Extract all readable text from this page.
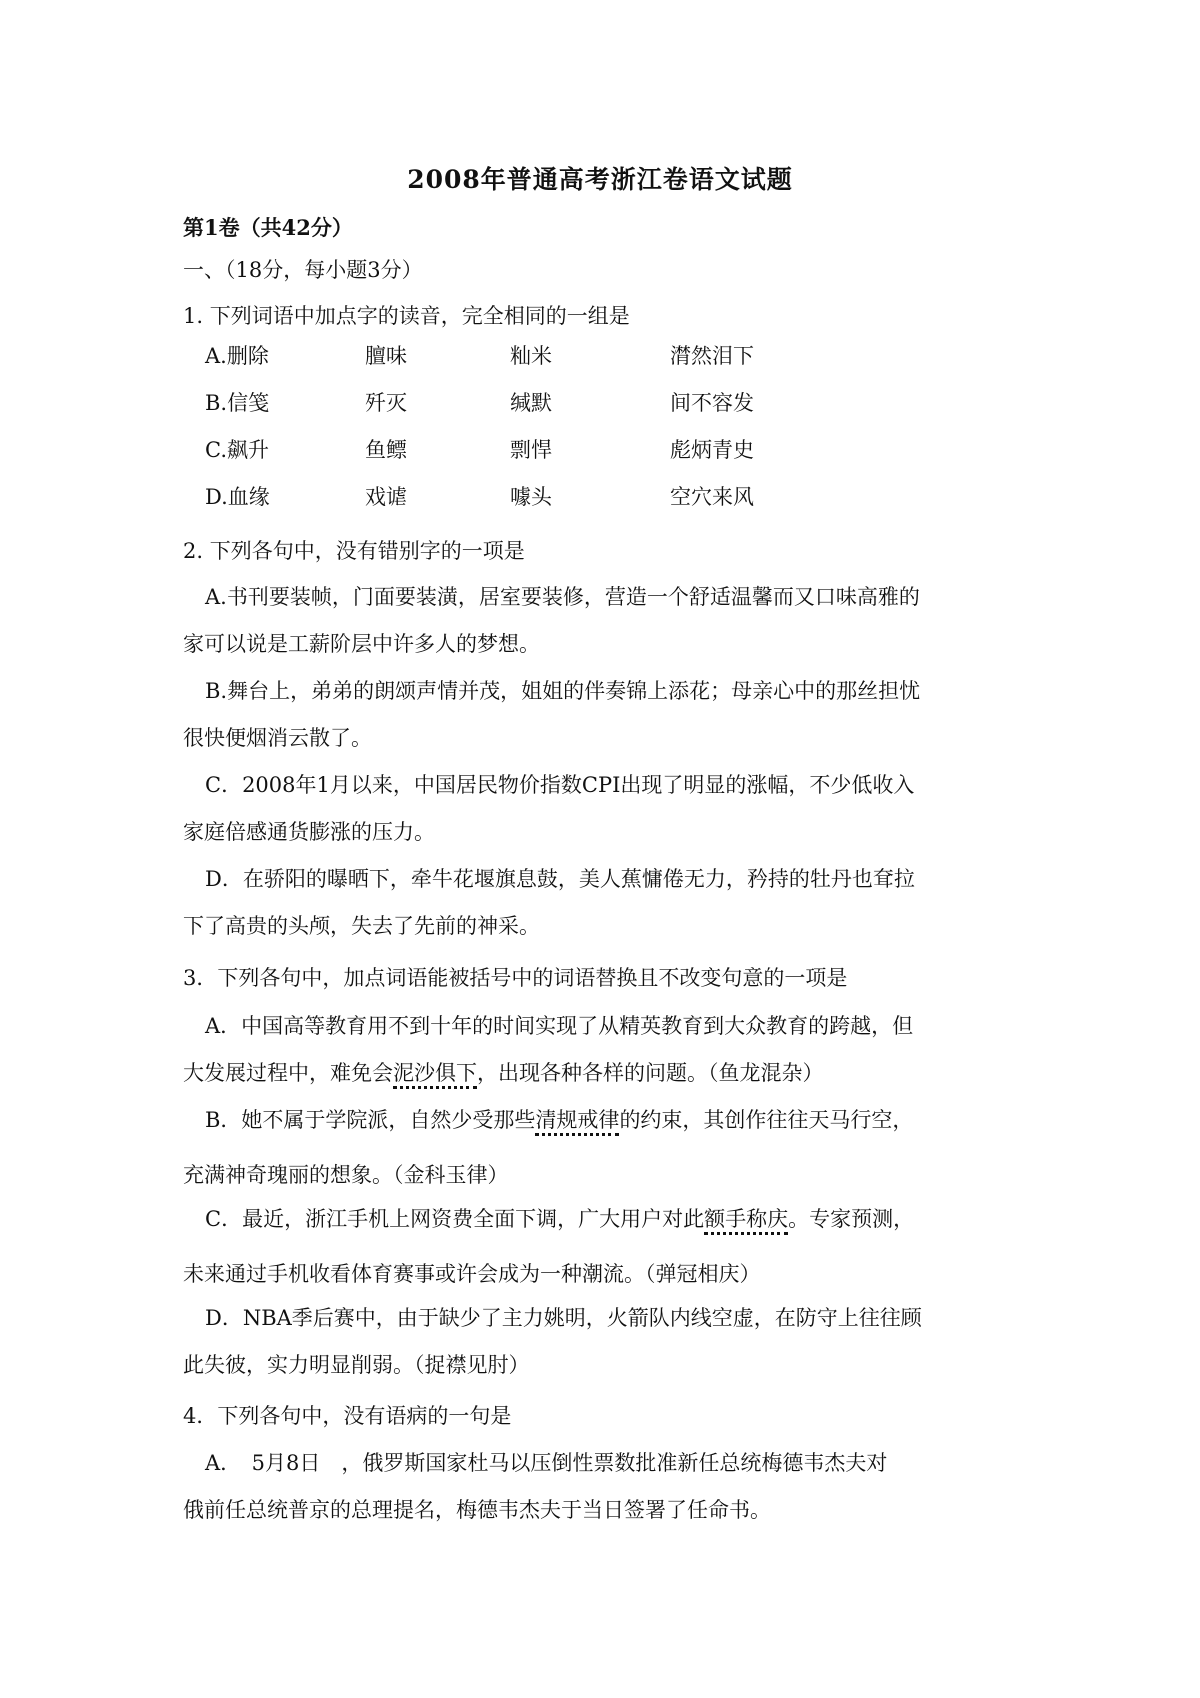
2008年普通高考浙江卷语文试题
第1卷（共42分）
一、（18分，每小题3分）
1. 下列词语中加点字的读音，完全相同的一组是
A.删除	膻味	籼米	潸然泪下
B.信笺	歼灭	缄默	间不容发
C.飙升	鱼鳔	剽悍	彪炳青史
D.血缘	戏谑	噱头	空穴来风
2. 下列各句中，没有错别字的一项是
A.书刊要装帧，门面要装潢，居室要装修，营造一个舒适温馨而又口味高雅的
家可以说是工薪阶层中许多人的梦想。
B.舞台上，弟弟的朗颂声情并茂，姐姐的伴奏锦上添花；母亲心中的那丝担忧
很快便烟消云散了。
C．2008年1月以来，中国居民物价指数CPI出现了明显的涨幅，不少低收入
家庭倍感通货膨涨的压力。
D．在骄阳的曝晒下，牵牛花堰旗息鼓，美人蕉慵倦无力，矜持的牡丹也耷拉
下了高贵的头颅，失去了先前的神采。
3．下列各句中，加点词语能被括号中的词语替换且不改变句意的一项是
A．中国高等教育用不到十年的时间实现了从精英教育到大众教育的跨越，但
大发展过程中，难免会泥沙俱下，出现各种各样的问题。（鱼龙混杂）
B．她不属于学院派，自然少受那些清规戒律的约束，其创作往往天马行空，
充满神奇瑰丽的想象。（金科玉律）
C．最近，浙江手机上网资费全面下调，广大用户对此额手称庆。专家预测，
未来通过手机收看体育赛事或许会成为一种潮流。（弹冠相庆）
D．NBA季后赛中，由于缺少了主力姚明，火箭队内线空虚，在防守上往往顾
此失彼，实力明显削弱。（捉襟见肘）
4．下列各句中，没有语病的一句是
A．　5月8日　，俄罗斯国家杜马以压倒性票数批准新任总统梅德韦杰夫对
俄前任总统普京的总理提名，梅德韦杰夫于当日签署了任命书。
